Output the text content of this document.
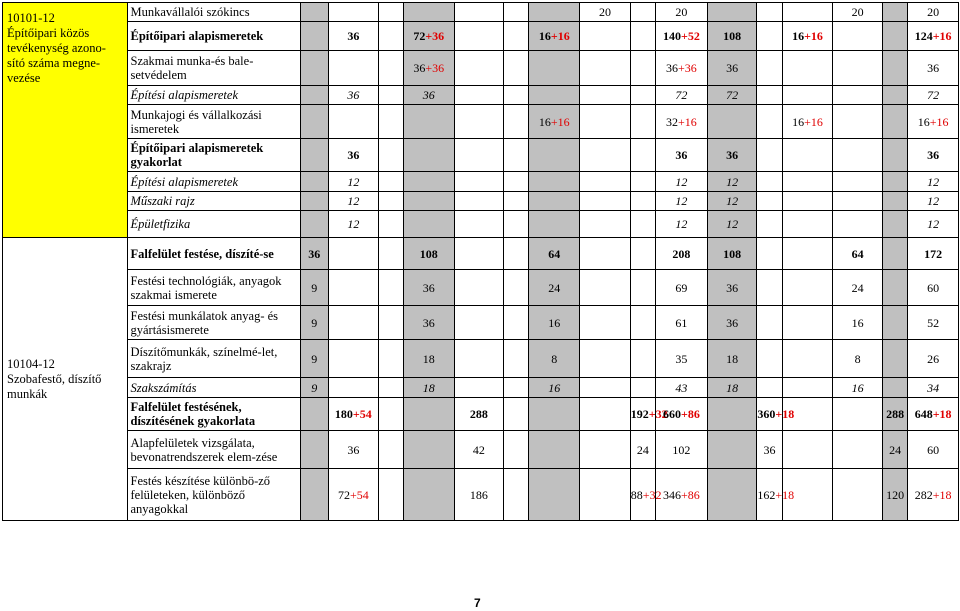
10101-12
Építőipari közös tevékenység azono-sító száma megne-vezése	Munkavállalói szókincs								20		20				20		20
	Építőipari alapismeretek		36		72+36			16+16			140+52	108		16+16			124+16
	Szakmai munka-és bale-setvédelem				36+36						36+36	36					36
	Építési alapismeretek		36		36						72	72					72
	Munkajogi és vállalkozási ismeretek							16+16			32+16			16+16			16+16
	Építőipari alapismeretek gyakorlat		36								36	36					36
	Építési alapismeretek		12								12	12					12
	Műszaki rajz		12								12	12					12
	Épületfizika		12								12	12					12

10104-12
Szobafestő, díszítő munkák	Falfelület festése, díszíté-se	36			108			64			208	108			64		172
	Festési technológiák, anyagok szakmai ismerete	9			36			24			69	36			24		60
	Festési munkálatok anyag- és gyártásismerete	9			36			16			61	36			16		52
	Díszítőmunkák, színelmé-let, szakrajz	9			18			8			35	18			8		26
	Szakszámítás	9			18			16			43	18			16		34
	Falfelület festésének, díszítésének gyakorlata		180+54			288				192+32	660+86		360+18			288	648+18
	Alapfelületek vizsgálata, bevonatrendszerek elem-zése		36			42				24	102		36			24	60
	Festés készítése különbö-ző felületeken, különböző anyagokkal		72+54			186				88+32	346+86		162+18			120	282+18
7
